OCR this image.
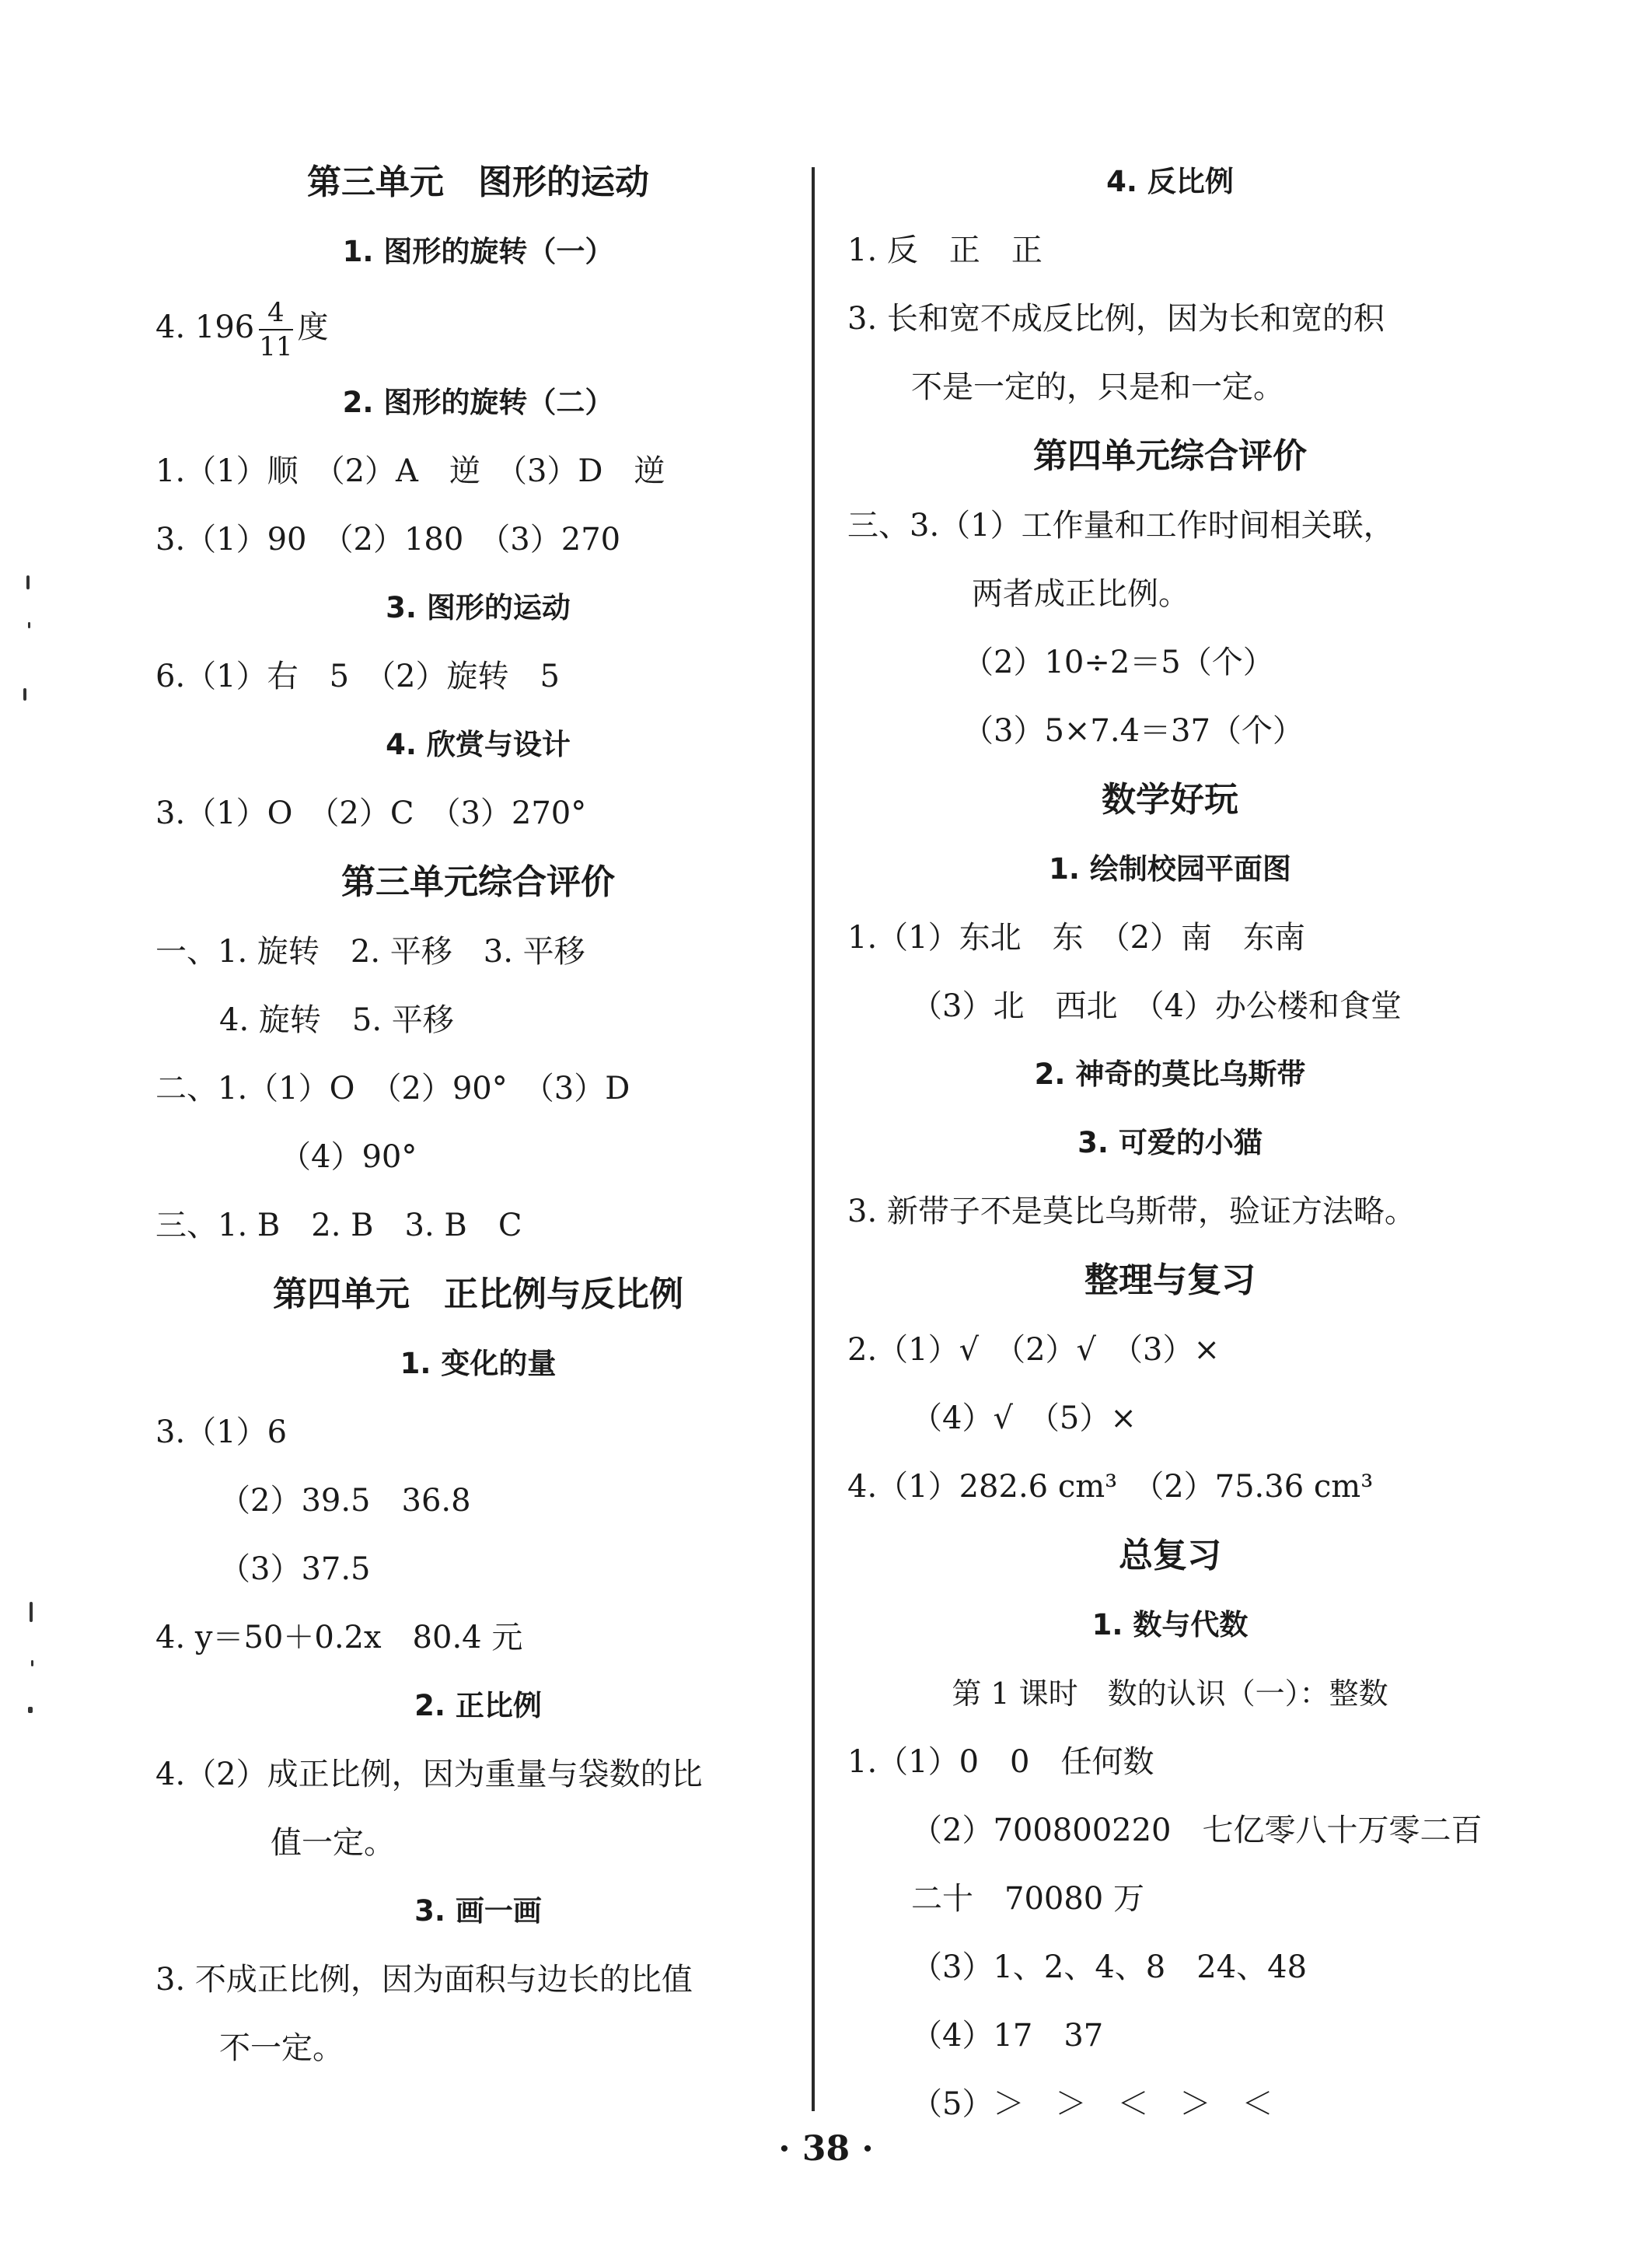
第三单元　图形的运动
1. 图形的旋转（一）
4. $196 \frac{4}{11}$ 度
2. 图形的旋转（二）
1.（1）顺　（2）A　逆　（3）D　逆
3.（1）90　（2）180　（3）270
3. 图形的运动
6.（1）右　5　（2）旋转　5
4. 欣赏与设计
3.（1）O　（2）C　（3）270°
第三单元综合评价
一、1. 旋转　2. 平移　3. 平移
4. 旋转　5. 平移
二、1.（1）O　（2）90°　（3）D
（4）90°
三、1. B　2. B　3. B　C
第四单元　正比例与反比例
1. 变化的量
3.（1）6
（2）39.5　36.8
（3）37.5
4. y＝50＋0.2x　80.4 元
2. 正比例
4.（2）成正比例，因为重量与袋数的比
值一定。
3. 画一画
3. 不成正比例，因为面积与边长的比值
不一定。
4. 反比例
1. 反　正　正
3. 长和宽不成反比例，因为长和宽的积
不是一定的，只是和一定。
第四单元综合评价
三、3.（1）工作量和工作时间相关联，
两者成正比例。
（2）10÷2＝5（个）
（3）5×7.4＝37（个）
数学好玩
1. 绘制校园平面图
1.（1）东北　东　（2）南　东南
（3）北　西北　（4）办公楼和食堂
2. 神奇的莫比乌斯带
3. 可爱的小猫
3. 新带子不是莫比乌斯带，验证方法略。
整理与复习
2.（1）√　（2）√　（3）×
（4）√　（5）×
4.（1）282.6 cm³　（2）75.36 cm³
总复习
1. 数与代数
第 1 课时　数的认识（一）：整数
1.（1）0　0　任何数
（2）700800220　七亿零八十万零二百
二十　70080 万
（3）1、2、4、8　24、48
（4）17　37
（5）＞　＞　＜　＞　＜
· 38 ·
